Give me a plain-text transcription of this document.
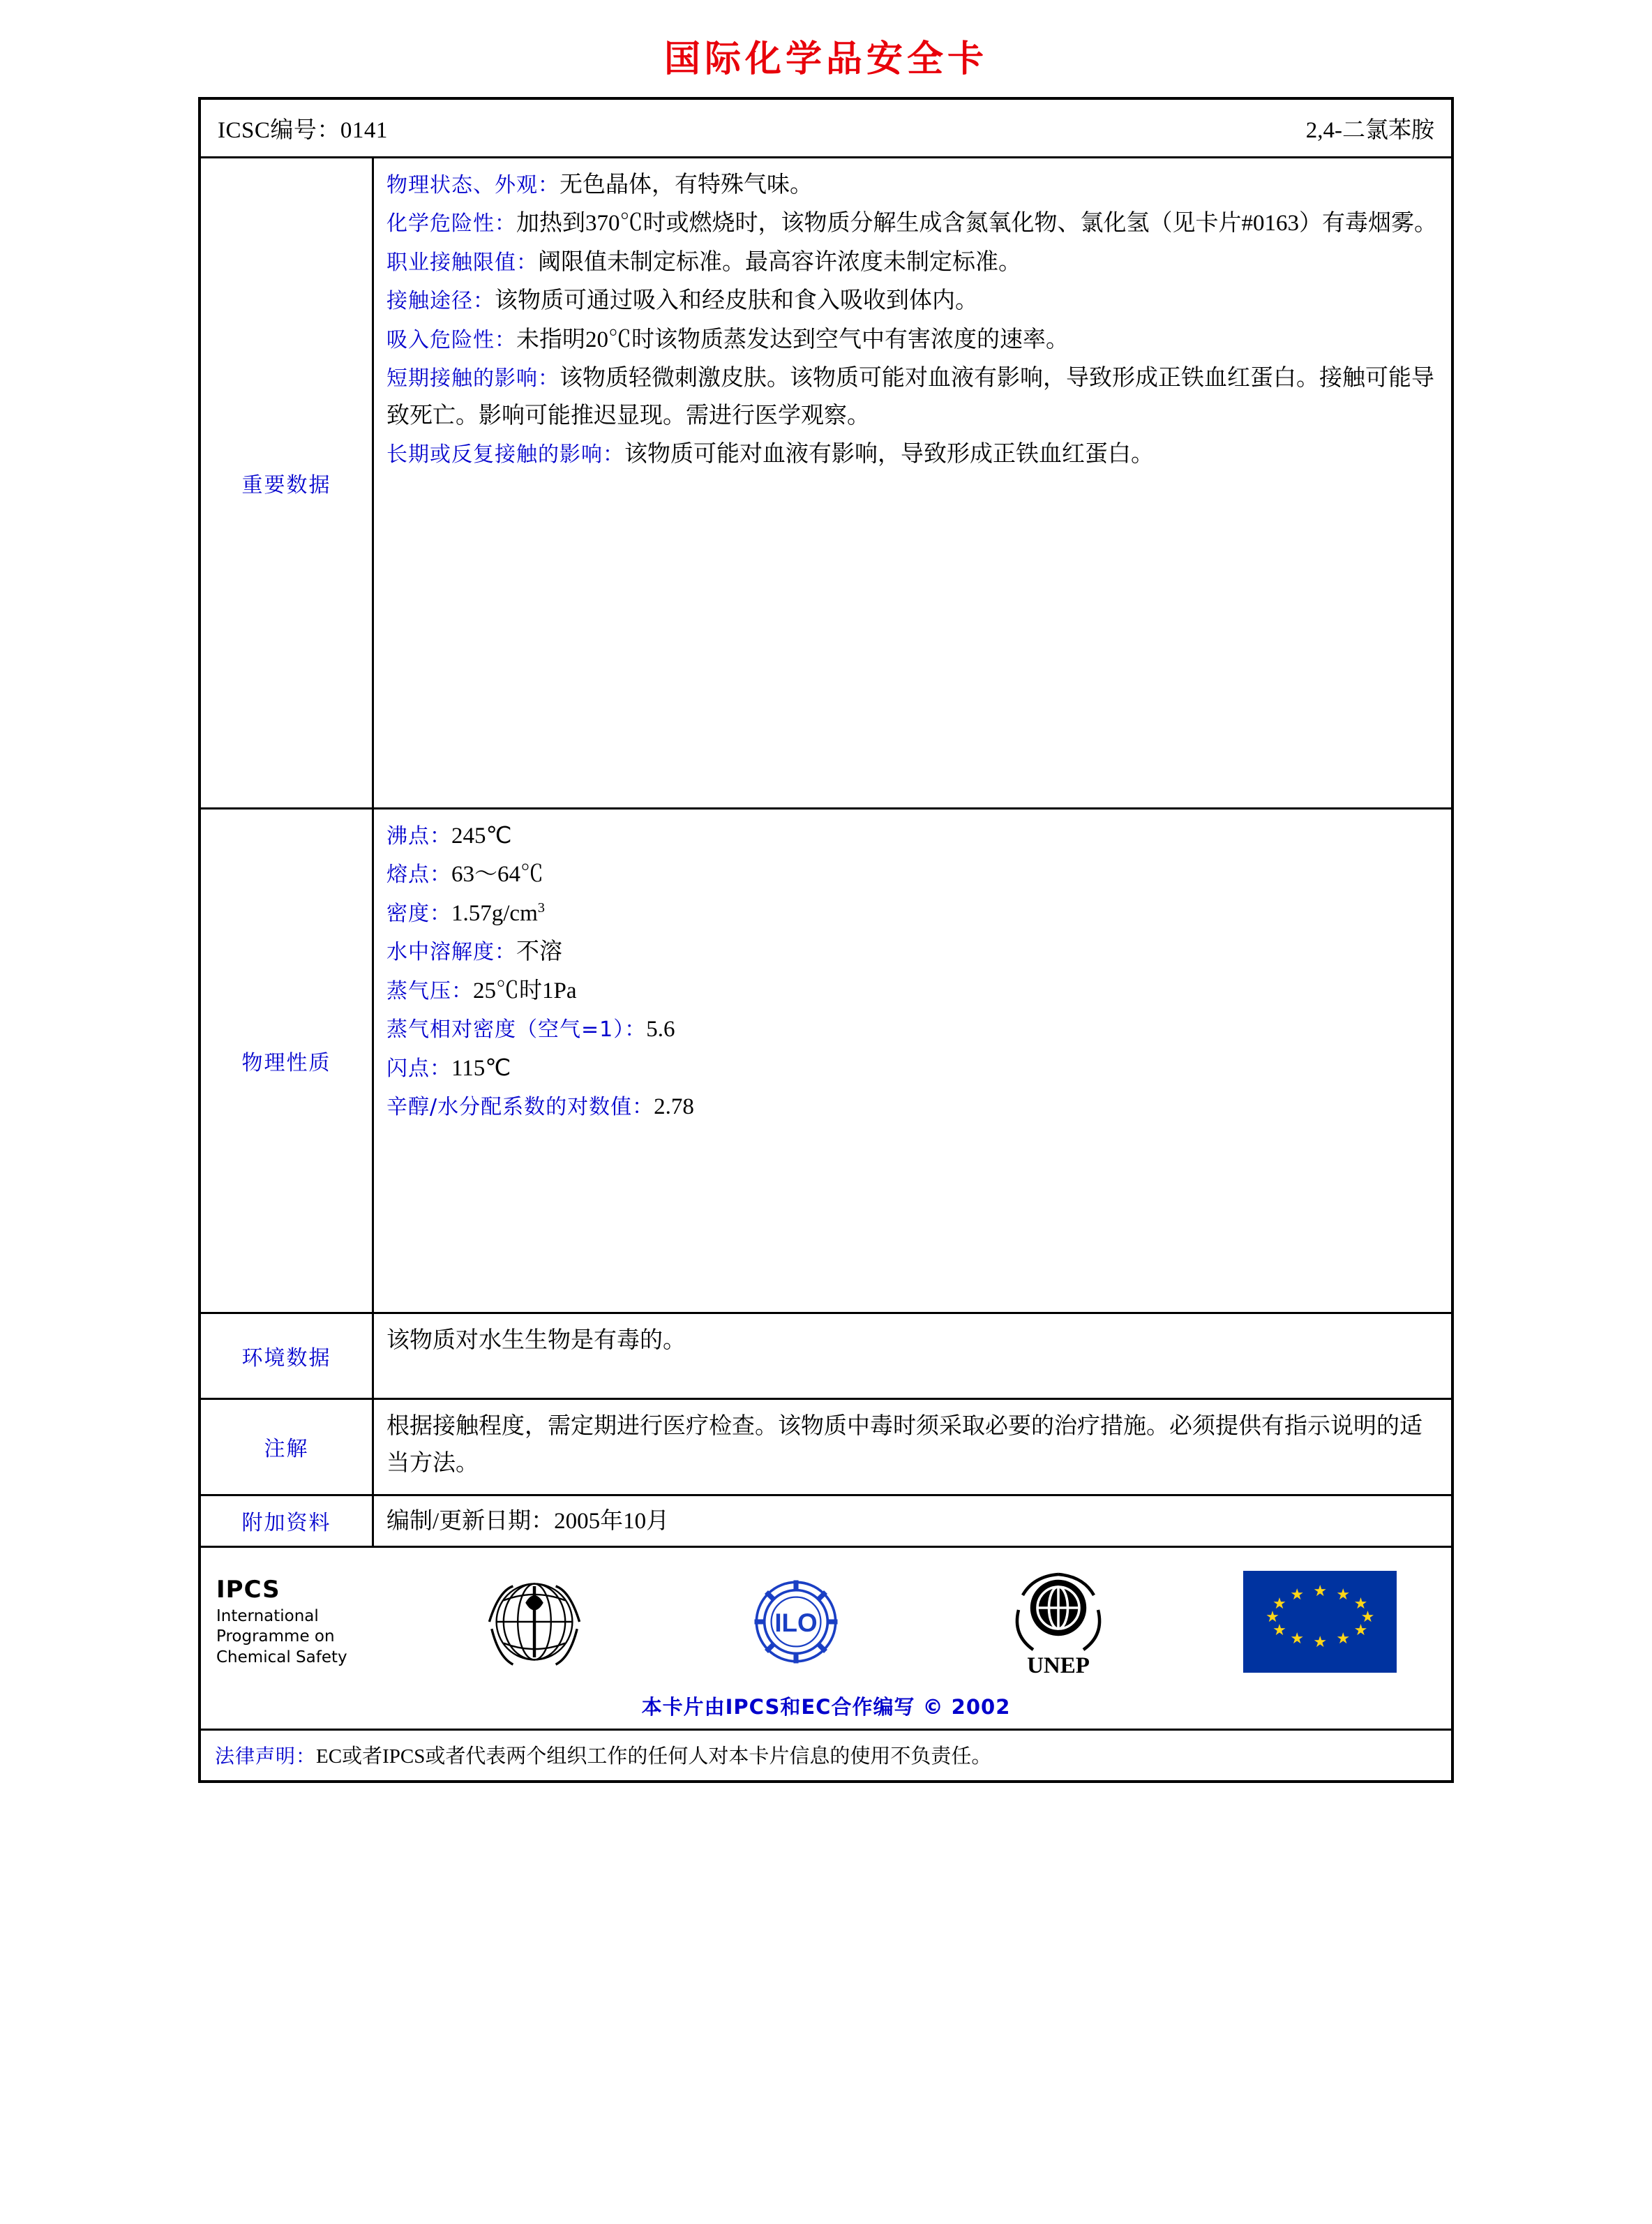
国际化学品安全卡
ICSC编号：0141	2,4-二氯苯胺
重要数据

物理状态、外观：无色晶体，有特殊气味。

化学危险性：加热到370℃时或燃烧时，该物质分解生成含氮氧化物、氯化氢（见卡片#0163）有毒烟雾。

职业接触限值：阈限值未制定标准。最高容许浓度未制定标准。

接触途径：该物质可通过吸入和经皮肤和食入吸收到体内。

吸入危险性：未指明20℃时该物质蒸发达到空气中有害浓度的速率。

短期接触的影响：该物质轻微刺激皮肤。该物质可能对血液有影响，导致形成正铁血红蛋白。接触可能导致死亡。影响可能推迟显现。需进行医学观察。

长期或反复接触的影响：该物质可能对血液有影响，导致形成正铁血红蛋白。

物理性质

沸点：245℃

熔点：63～64℃

密度：$1.57g/cm^3$

水中溶解度：不溶

蒸气压：25℃时1Pa

蒸气相对密度（空气=1）：5.6

闪点：115℃

辛醇/水分配系数的对数值：2.78

环境数据

该物质对水生生物是有毒的。

注解

根据接触程度，需定期进行医疗检查。该物质中毒时须采取必要的治疗措施。必须提供有指示说明的适当方法。

附加资料	编制/更新日期：2005年10月

IPCS
International
Programme on
Chemical Safety
ILO
UNEP
★ ★ ★
★
★
★
★
★
★
★
★ ★
本卡片由IPCS和EC合作编写 © 2002
法律声明：EC或者IPCS或者代表两个组织工作的任何人对本卡片信息的使用不负责任。
